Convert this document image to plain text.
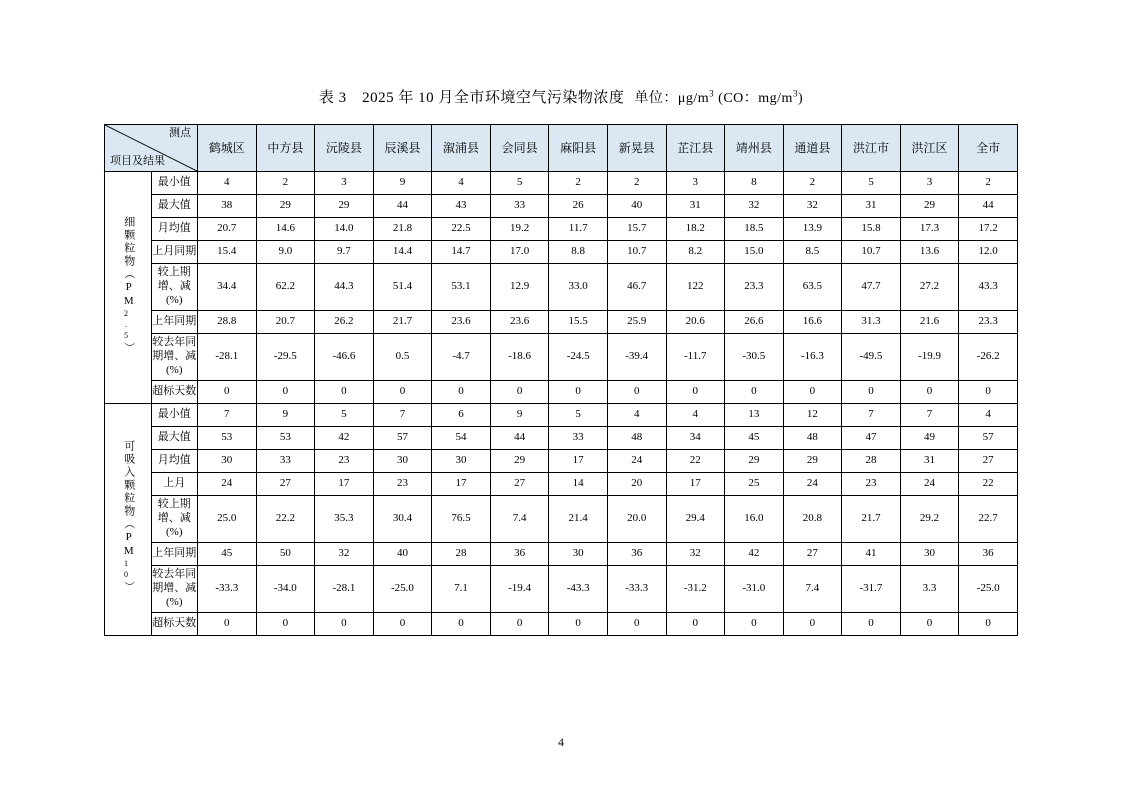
表 3　2025 年 10 月全市环境空气污染物浓度 单位：$\mu g/m^3$ (CO：$mg/m^3$)
测点
项目及结果		鹤城区	中方县	沅陵县	辰溪县	溆浦县	会同县	麻阳县	新晃县	芷江县	靖州县	通道县	洪江市	洪江区	全市
细颗粒物$(PM_{2.5})$	最小值	4	2	3	9	4	5	2	2	3	8	2	5	3	2
	最大值	38	29	29	44	43	33	26	40	31	32	32	31	29	44
	月均值	20.7	14.6	14.0	21.8	22.5	19.2	11.7	15.7	18.2	18.5	13.9	15.8	17.3	17.2
	上月同期	15.4	9.0	9.7	14.4	14.7	17.0	8.8	10.7	8.2	15.0	8.5	10.7	13.6	12.0
	较上期
增、减(%)	34.4	62.2	44.3	51.4	53.1	12.9	33.0	46.7	122	23.3	63.5	47.7	27.2	43.3
	上年同期	28.8	20.7	26.2	21.7	23.6	23.6	15.5	25.9	20.6	26.6	16.6	31.3	21.6	23.3
	较去年同
期增、减
(%)	-28.1	-29.5	-46.6	0.5	-4.7	-18.6	-24.5	-39.4	-11.7	-30.5	-16.3	-49.5	-19.9	-26.2
	超标天数	0	0	0	0	0	0	0	0	0	0	0	0	0	0
可吸入颗粒物$(PM_{10})$	最小值	7	9	5	7	6	9	5	4	4	13	12	7	7	4
	最大值	53	53	42	57	54	44	33	48	34	45	48	47	49	57
	月均值	30	33	23	30	30	29	17	24	22	29	29	28	31	27
	上月	24	27	17	23	17	27	14	20	17	25	24	23	24	22
	较上期
增、减(%)	25.0	22.2	35.3	30.4	76.5	7.4	21.4	20.0	29.4	16.0	20.8	21.7	29.2	22.7
	上年同期	45	50	32	40	28	36	30	36	32	42	27	41	30	36
	较去年同
期增、减
(%)	-33.3	-34.0	-28.1	-25.0	7.1	-19.4	-43.3	-33.3	-31.2	-31.0	7.4	-31.7	3.3	-25.0
	超标天数	0	0	0	0	0	0	0	0	0	0	0	0	0	0
4
